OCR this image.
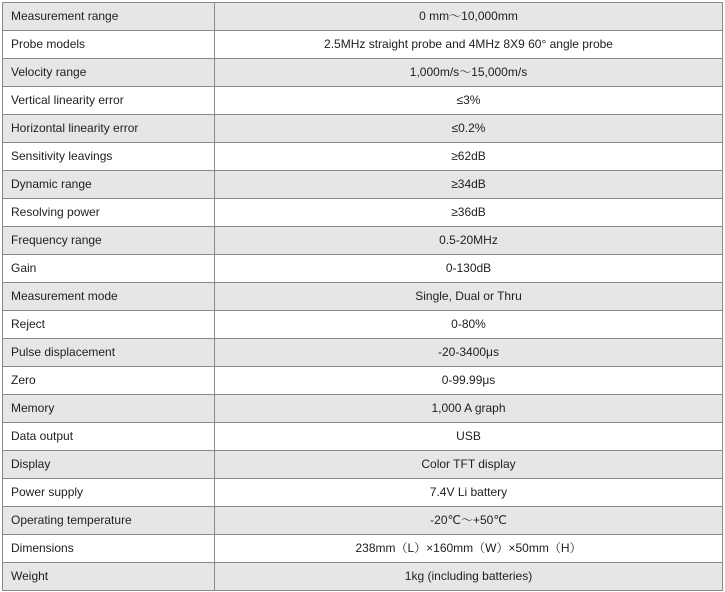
Measurement range	0 mm〜10,000mm
Probe models	2.5MHz straight probe and 4MHz 8X9 60° angle probe
Velocity range	1,000m/s〜15,000m/s
Vertical linearity error	≤3%
Horizontal linearity error	≤0.2%
Sensitivity leavings	≥62dB
Dynamic range	≥34dB
Resolving power	≥36dB
Frequency range	0.5-20MHz
Gain	0-130dB
Measurement mode	Single, Dual or Thru
Reject	0-80%
Pulse displacement	-20-3400μs
Zero	0-99.99μs
Memory	1,000 A graph
Data output	USB
Display	Color TFT display
Power supply	7.4V Li battery
Operating temperature	-20℃〜+50℃
Dimensions	238mm（L）×160mm（W）×50mm（H）
Weight	1kg (including batteries)
